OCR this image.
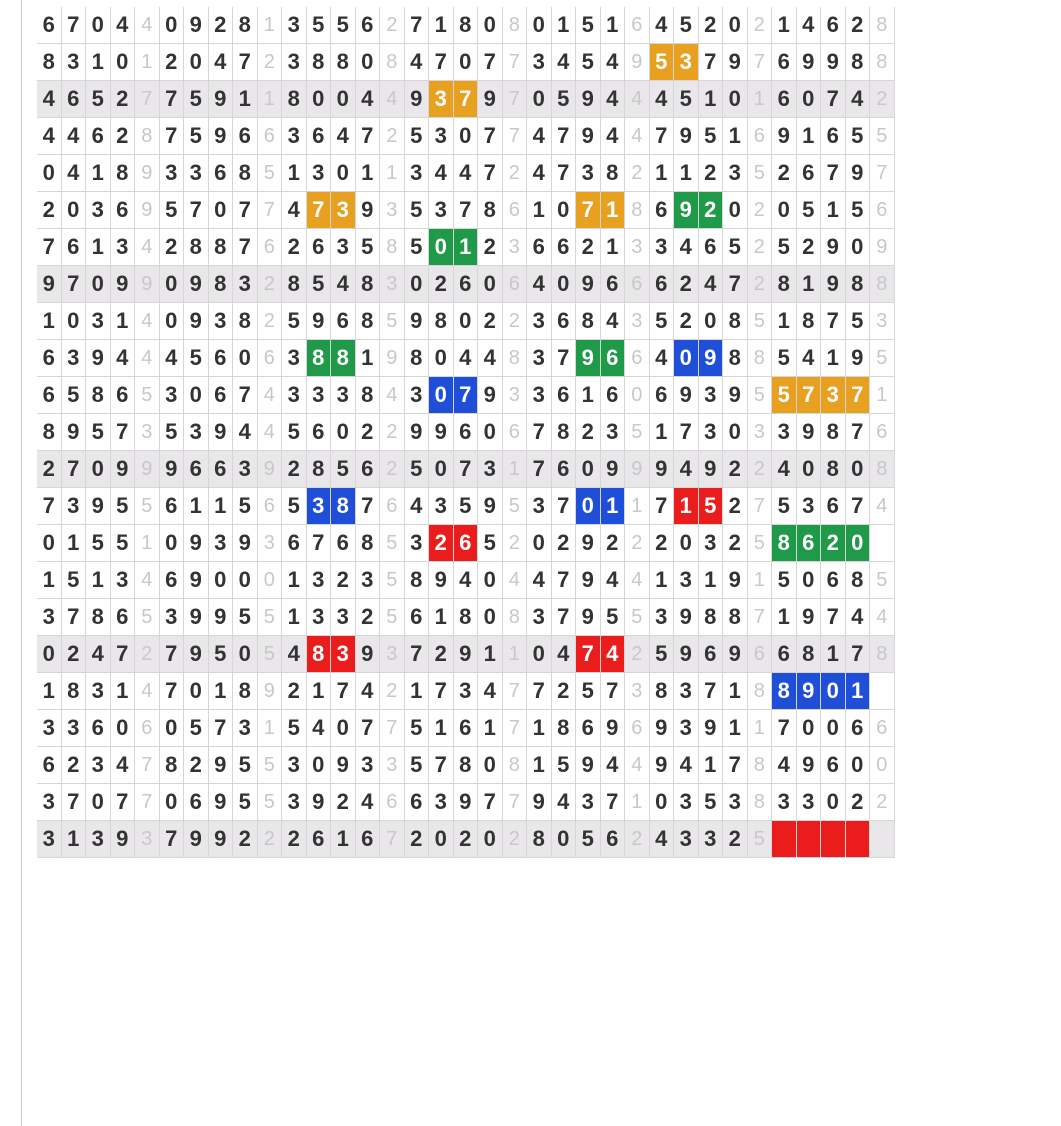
6 7 0 4 4 0 9 2 8 1 3 5 5 6 2 7 1 8 0 8 0 1 5 1 6 4 5 2 0 2 1 4 6 2 8
8 3 1 0 1 2 0 4 7 2 3 8 8 0 8 4 7 0 7 7 3 4 5 4 9 5 3 7 9 7 6 9 9 8 8
4 6 5 2 7 7 5 9 1 1 8 0 0 4 4 9 3 7 9 7 0 5 9 4 4 4 5 1 0 1 6 0 7 4 2
4 4 6 2 8 7 5 9 6 6 3 6 4 7 2 5 3 0 7 7 4 7 9 4 4 7 9 5 1 6 9 1 6 5 5
0 4 1 8 9 3 3 6 8 5 1 3 0 1 1 3 4 4 7 2 4 7 3 8 2 1 1 2 3 5 2 6 7 9 7
2 0 3 6 9 5 7 0 7 7 4 7 3 9 3 5 3 7 8 6 1 0 7 1 8 6 9 2 0 2 0 5 1 5 6
7 6 1 3 4 2 8 8 7 6 2 6 3 5 8 5 0 1 2 3 6 6 2 1 3 3 4 6 5 2 5 2 9 0 9
9 7 0 9 9 0 9 8 3 2 8 5 4 8 3 0 2 6 0 6 4 0 9 6 6 6 2 4 7 2 8 1 9 8 8
1 0 3 1 4 0 9 3 8 2 5 9 6 8 5 9 8 0 2 2 3 6 8 4 3 5 2 0 8 5 1 8 7 5 3
6 3 9 4 4 4 5 6 0 6 3 8 8 1 9 8 0 4 4 8 3 7 9 6 6 4 0 9 8 8 5 4 1 9 5
6 5 8 6 5 3 0 6 7 4 3 3 3 8 4 3 0 7 9 3 3 6 1 6 0 6 9 3 9 5 5 7 3 7 1
8 9 5 7 3 5 3 9 4 4 5 6 0 2 2 9 9 6 0 6 7 8 2 3 5 1 7 3 0 3 3 9 8 7 6
2 7 0 9 9 9 6 6 3 9 2 8 5 6 2 5 0 7 3 1 7 6 0 9 9 9 4 9 2 2 4 0 8 0 8
7 3 9 5 5 6 1 1 5 6 5 3 8 7 6 4 3 5 9 5 3 7 0 1 1 7 1 5 2 7 5 3 6 7 4
0 1 5 5 1 0 9 3 9 3 6 7 6 8 5 3 2 6 5 2 0 2 9 2 2 2 0 3 2 5 8 6 2 0
1 5 1 3 4 6 9 0 0 0 1 3 2 3 5 8 9 4 0 4 4 7 9 4 4 1 3 1 9 1 5 0 6 8 5
3 7 8 6 5 3 9 9 5 5 1 3 3 2 5 6 1 8 0 8 3 7 9 5 5 3 9 8 8 7 1 9 7 4 4
0 2 4 7 2 7 9 5 0 5 4 8 3 9 3 7 2 9 1 1 0 4 7 4 2 5 9 6 9 6 6 8 1 7 8
1 8 3 1 4 7 0 1 8 9 2 1 7 4 2 1 7 3 4 7 7 2 5 7 3 8 3 7 1 8 8 9 0 1
3 3 6 0 6 0 5 7 3 1 5 4 0 7 7 5 1 6 1 7 1 8 6 9 6 9 3 9 1 1 7 0 0 6 6
6 2 3 4 7 8 2 9 5 5 3 0 9 3 3 5 7 8 0 8 1 5 9 4 4 9 4 1 7 8 4 9 6 0 0
3 7 0 7 7 0 6 9 5 5 3 9 2 4 6 6 3 9 7 7 9 4 3 7 1 0 3 5 3 8 3 3 0 2 2
3 1 3 9 3 7 9 9 2 2 2 6 1 6 7 2 0 2 0 2 8 0 5 6 2 4 3 3 2 5
